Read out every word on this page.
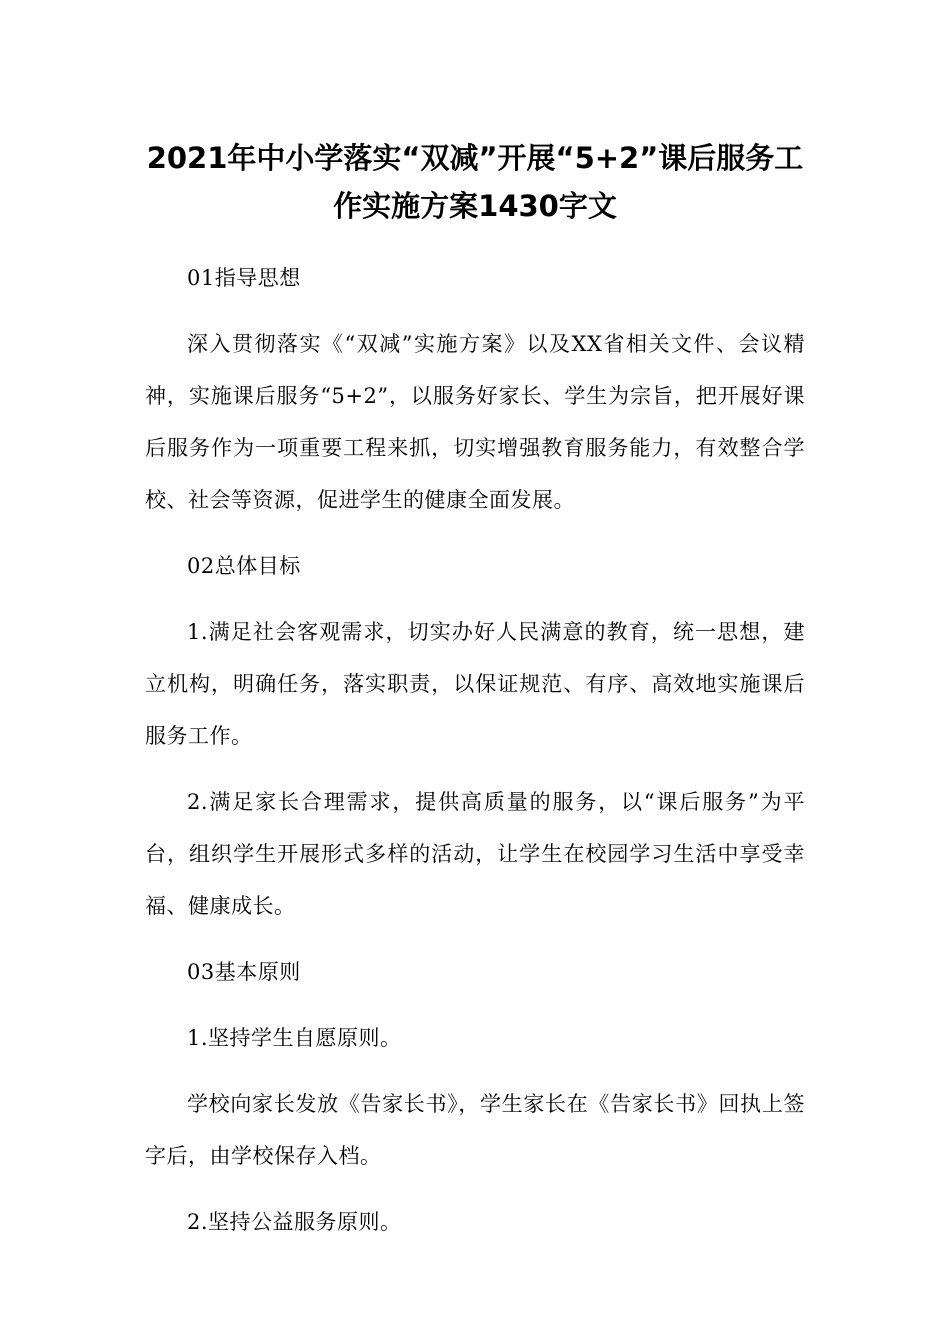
2021年中小学落实“双减”开展“5+2”课后服务工
作实施方案1430字文

01指导思想

深入贯彻落实《“双减”实施方案》以及XX省相关文件、会议精神，实施课后服务“5+2”，以服务好家长、学生为宗旨，把开展好课后服务作为一项重要工程来抓，切实增强教育服务能力，有效整合学校、社会等资源，促进学生的健康全面发展。

02总体目标

1.满足社会客观需求，切实办好人民满意的教育，统一思想，建立机构，明确任务，落实职责，以保证规范、有序、高效地实施课后服务工作。

2.满足家长合理需求，提供高质量的服务，以“课后服务”为平台，组织学生开展形式多样的活动，让学生在校园学习生活中享受幸福、健康成长。

03基本原则

1.坚持学生自愿原则。

学校向家长发放《告家长书》，学生家长在《告家长书》回执上签字后，由学校保存入档。

2.坚持公益服务原则。
